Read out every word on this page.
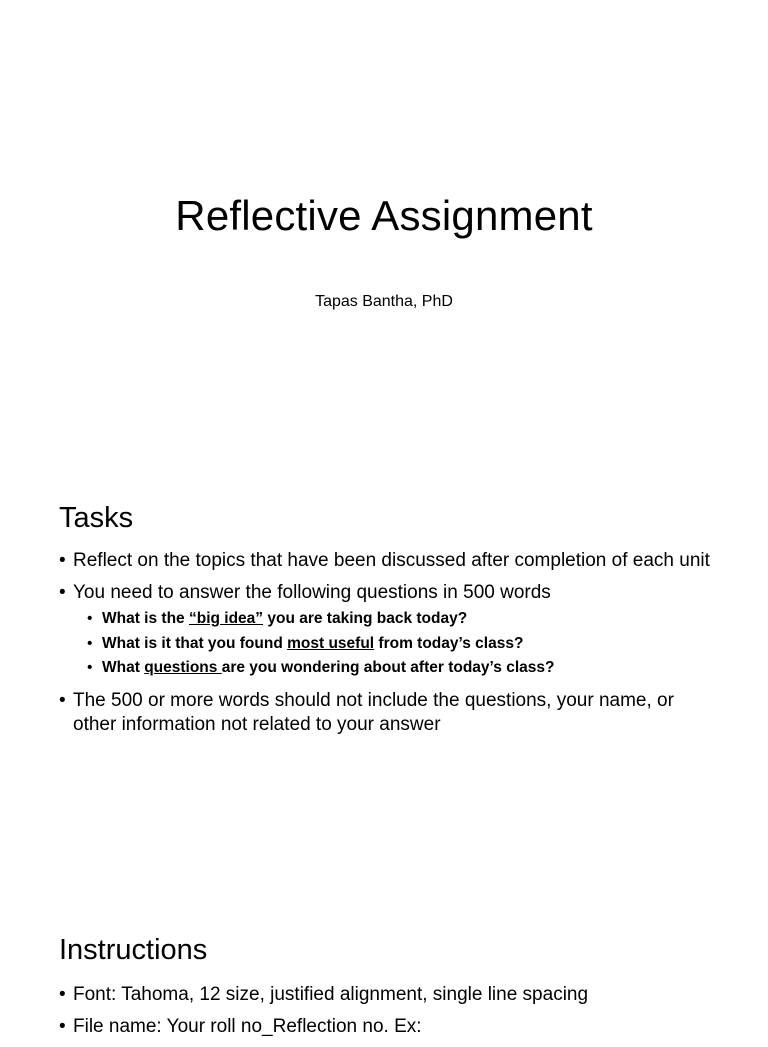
Reflective Assignment
Tapas Bantha, PhD
Tasks
• Reflect on the topics that have been discussed after completion of each unit
• You need to answer the following questions in 500 words
• What is the “big idea” you are taking back today?
• What is it that you found most useful from today’s class?
• What questions are you wondering about after today’s class?
• The 500 or more words should not include the questions, your name, or other information not related to your answer
Instructions
• Font: Tahoma, 12 size, justified alignment, single line spacing
• File name: Your roll no_Reflection no. Ex:
